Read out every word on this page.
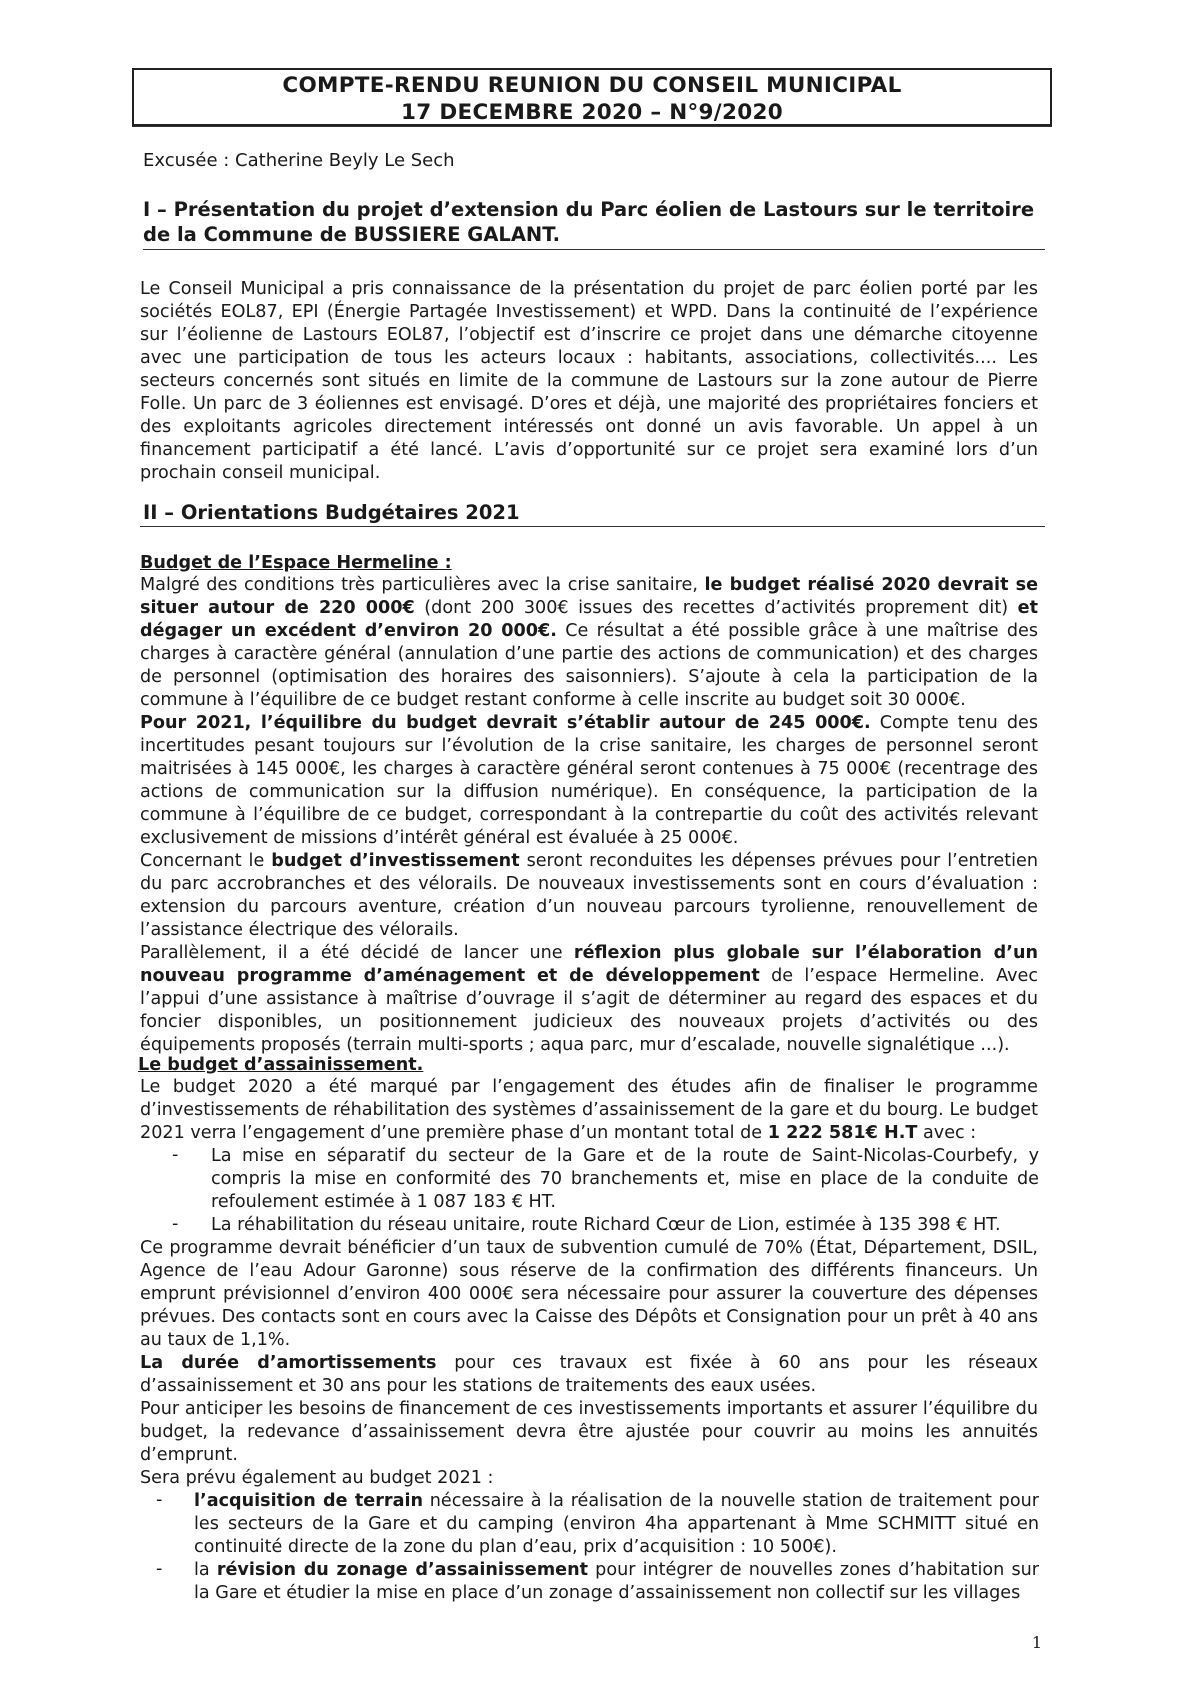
COMPTE-RENDU REUNION DU CONSEIL MUNICIPAL
17 DECEMBRE 2020 – N°9/2020
Excusée : Catherine Beyly Le Sech
I – Présentation du projet d’extension du Parc éolien de Lastours sur le territoire de la Commune de BUSSIERE GALANT.
Le Conseil Municipal a pris connaissance de la présentation du projet de parc éolien porté par les sociétés EOL87, EPI (Énergie Partagée Investissement) et WPD. Dans la continuité de l’expérience sur l’éolienne de Lastours EOL87, l’objectif est d’inscrire ce projet dans une démarche citoyenne avec une participation de tous les acteurs locaux : habitants, associations, collectivités.... Les secteurs concernés sont situés en limite de la commune de Lastours sur la zone autour de Pierre Folle. Un parc de 3 éoliennes est envisagé. D’ores et déjà, une majorité des propriétaires fonciers et des exploitants agricoles directement intéressés ont donné un avis favorable. Un appel à un financement participatif a été lancé. L’avis d’opportunité sur ce projet sera examiné lors d’un prochain conseil municipal.
II – Orientations Budgétaires 2021
Budget de l’Espace Hermeline :
Malgré des conditions très particulières avec la crise sanitaire, le budget réalisé 2020 devrait se situer autour de 220 000€ (dont 200 300€ issues des recettes d’activités proprement dit) et dégager un excédent d’environ 20 000€. Ce résultat a été possible grâce à une maîtrise des charges à caractère général (annulation d’une partie des actions de communication) et des charges de personnel (optimisation des horaires des saisonniers). S’ajoute à cela la participation de la commune à l’équilibre de ce budget restant conforme à celle inscrite au budget soit 30 000€.
Pour 2021, l’équilibre du budget devrait s’établir autour de 245 000€. Compte tenu des incertitudes pesant toujours sur l’évolution de la crise sanitaire, les charges de personnel seront maitrisées à 145 000€, les charges à caractère général seront contenues à 75 000€ (recentrage des actions de communication sur la diffusion numérique). En conséquence, la participation de la commune à l’équilibre de ce budget, correspondant à la contrepartie du coût des activités relevant exclusivement de missions d’intérêt général est évaluée à 25 000€.
Concernant le budget d’investissement seront reconduites les dépenses prévues pour l’entretien du parc accrobranches et des vélorails. De nouveaux investissements sont en cours d’évaluation : extension du parcours aventure, création d’un nouveau parcours tyrolienne, renouvellement de l’assistance électrique des vélorails.
Parallèlement, il a été décidé de lancer une réflexion plus globale sur l’élaboration d’un nouveau programme d’aménagement et de développement de l’espace Hermeline. Avec l’appui d’une assistance à maîtrise d’ouvrage il s’agit de déterminer au regard des espaces et du foncier disponibles, un positionnement judicieux des nouveaux projets d’activités ou des équipements proposés (terrain multi-sports ; aqua parc, mur d’escalade, nouvelle signalétique ...).
Le budget d’assainissement.
Le budget 2020 a été marqué par l’engagement des études afin de finaliser le programme d’investissements de réhabilitation des systèmes d’assainissement de la gare et du bourg. Le budget 2021 verra l’engagement d’une première phase d’un montant total de 1 222 581€ H.T avec :
- La mise en séparatif du secteur de la Gare et de la route de Saint-Nicolas-Courbefy, y compris la mise en conformité des 70 branchements et, mise en place de la conduite de refoulement estimée à 1 087 183 € HT.
- La réhabilitation du réseau unitaire, route Richard Cœur de Lion, estimée à 135 398 € HT.
Ce programme devrait bénéficier d’un taux de subvention cumulé de 70% (État, Département, DSIL, Agence de l’eau Adour Garonne) sous réserve de la confirmation des différents financeurs. Un emprunt prévisionnel d’environ 400 000€ sera nécessaire pour assurer la couverture des dépenses prévues. Des contacts sont en cours avec la Caisse des Dépôts et Consignation pour un prêt à 40 ans au taux de 1,1%.
La durée d’amortissements pour ces travaux est fixée à 60 ans pour les réseaux d’assainissement et 30 ans pour les stations de traitements des eaux usées.
Pour anticiper les besoins de financement de ces investissements importants et assurer l’équilibre du budget, la redevance d’assainissement devra être ajustée pour couvrir au moins les annuités d’emprunt.
Sera prévu également au budget 2021 :
- l’acquisition de terrain nécessaire à la réalisation de la nouvelle station de traitement pour les secteurs de la Gare et du camping (environ 4ha appartenant à Mme SCHMITT situé en continuité directe de la zone du plan d’eau, prix d’acquisition : 10 500€).
- la révision du zonage d’assainissement pour intégrer de nouvelles zones d’habitation sur la Gare et étudier la mise en place d’un zonage d’assainissement non collectif sur les villages
1
